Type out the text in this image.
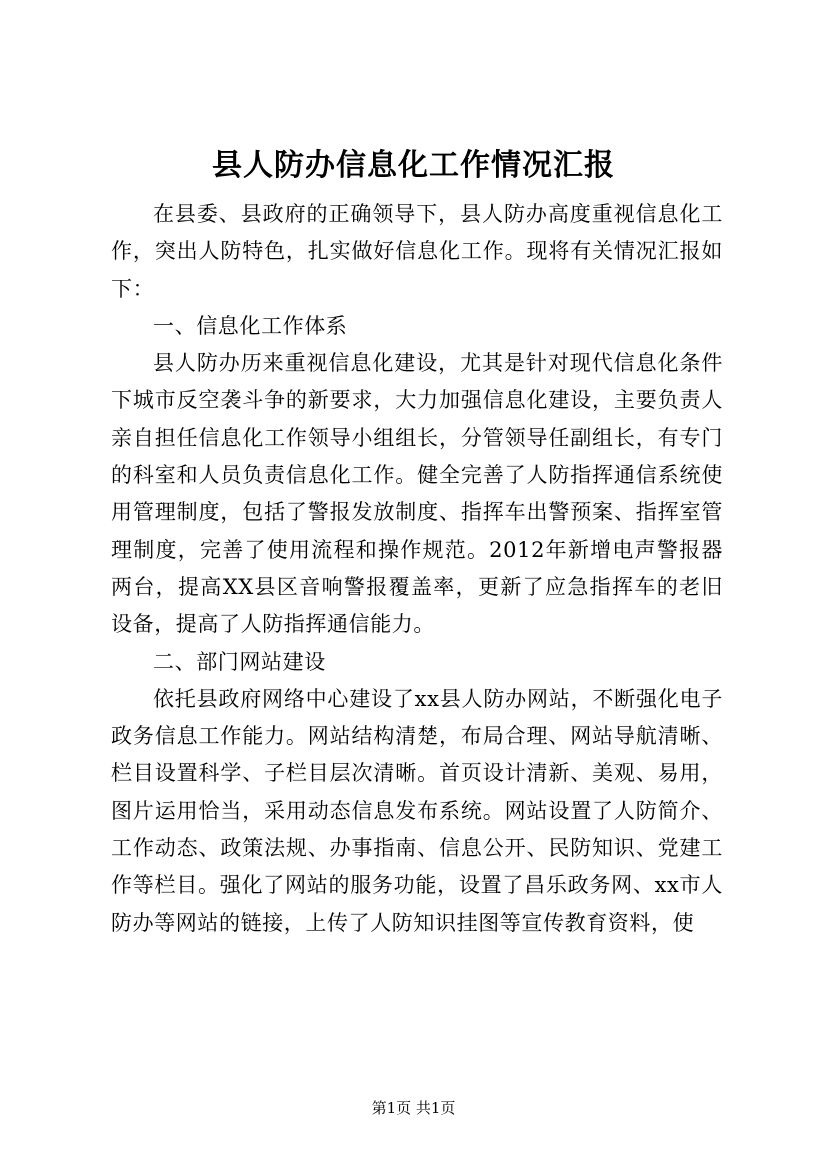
县人防办信息化工作情况汇报

在县委、县政府的正确领导下，县人防办高度重视信息化工作，突出人防特色，扎实做好信息化工作。现将有关情况汇报如下：

一、信息化工作体系

县人防办历来重视信息化建设，尤其是针对现代信息化条件下城市反空袭斗争的新要求，大力加强信息化建设，主要负责人亲自担任信息化工作领导小组组长，分管领导任副组长，有专门的科室和人员负责信息化工作。健全完善了人防指挥通信系统使用管理制度，包括了警报发放制度、指挥车出警预案、指挥室管理制度，完善了使用流程和操作规范。2012年新增电声警报器两台，提高XX县区音响警报覆盖率，更新了应急指挥车的老旧设备，提高了人防指挥通信能力。

二、部门网站建设

依托县政府网络中心建设了xx县人防办网站，不断强化电子政务信息工作能力。网站结构清楚，布局合理、网站导航清晰、栏目设置科学、子栏目层次清晰。首页设计清新、美观、易用，图片运用恰当，采用动态信息发布系统。网站设置了人防简介、工作动态、政策法规、办事指南、信息公开、民防知识、党建工作等栏目。强化了网站的服务功能，设置了昌乐政务网、xx市人防办等网站的链接，上传了人防知识挂图等宣传教育资料，使

第1页 共1页
